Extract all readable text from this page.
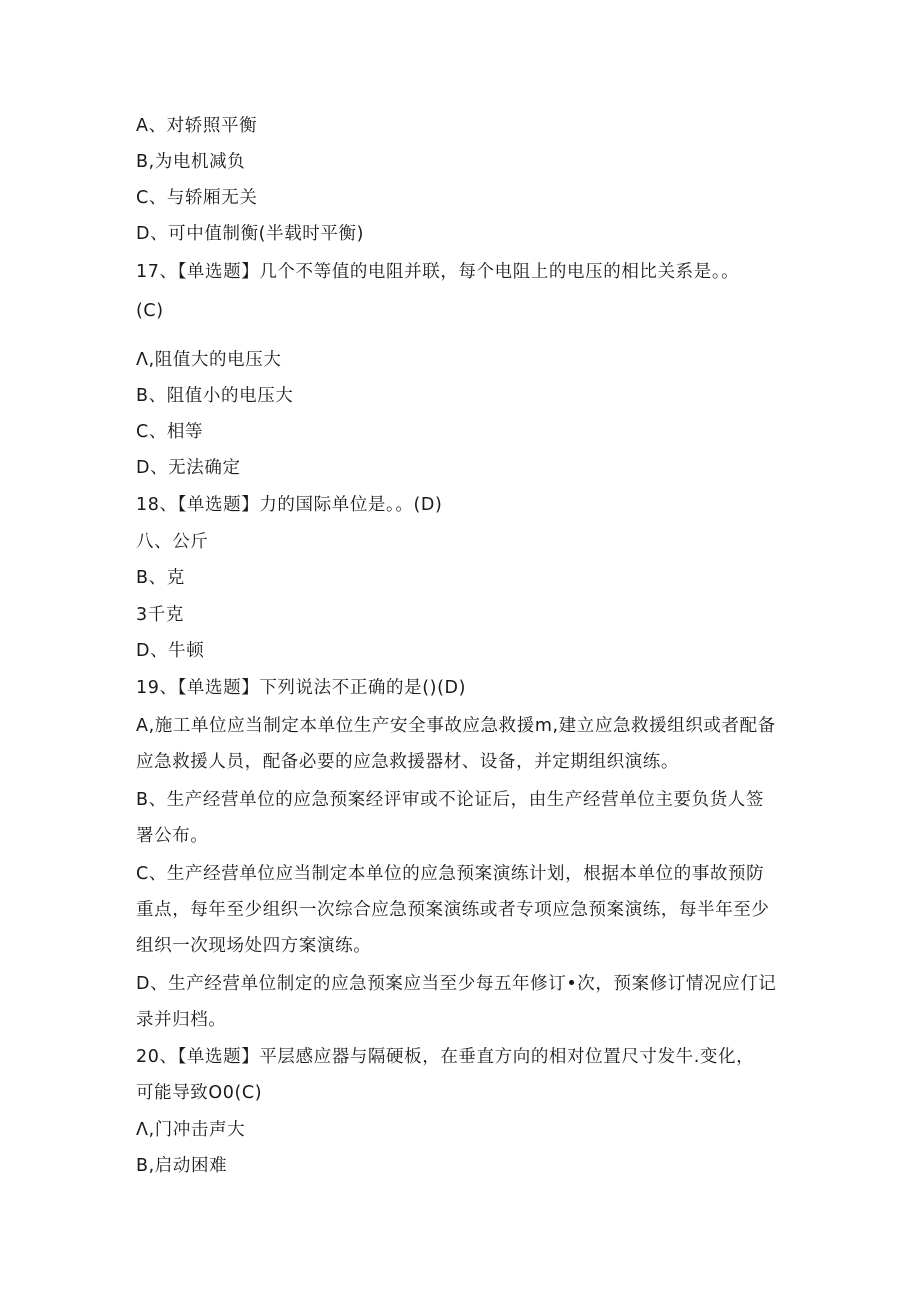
A、对轿照平衡
B,为电机减负
C、与轿厢无关
D、可中值制衡(半载时平衡)
17、【单选题】几个不等值的电阻并联，每个电阻上的电压的相比关系是。。
(C)
Λ,阻值大的电压大
B、阻值小的电压大
C、相等
D、无法确定
18、【单选题】力的国际单位是。。(D)
八、公斤
B、克
3千克
D、牛顿
19、【单选题】下列说法不正确的是()(D)
A,施工单位应当制定本单位生产安全事故应急救援m,建立应急救援组织或者配备
应急救援人员，配备必要的应急救援器材、设备，并定期组织演练。
B、生产经营单位的应急预案经评审或不论证后，由生产经营单位主要负货人签
署公布。
C、生产经营单位应当制定本单位的应急预案演练计划，根据本单位的事故预防
重点，每年至少组织一次综合应急预案演练或者专项应急预案演练，每半年至少
组织一次现场处四方案演练。
D、生产经营单位制定的应急预案应当至少每五年修订•次，预案修订情况应仃记
录并归档。
20、【单选题】平层感应器与隔硬板，在垂直方向的相对位置尺寸发牛.变化，
可能导致O0(C)
Λ,门冲击声大
B,启动困难
